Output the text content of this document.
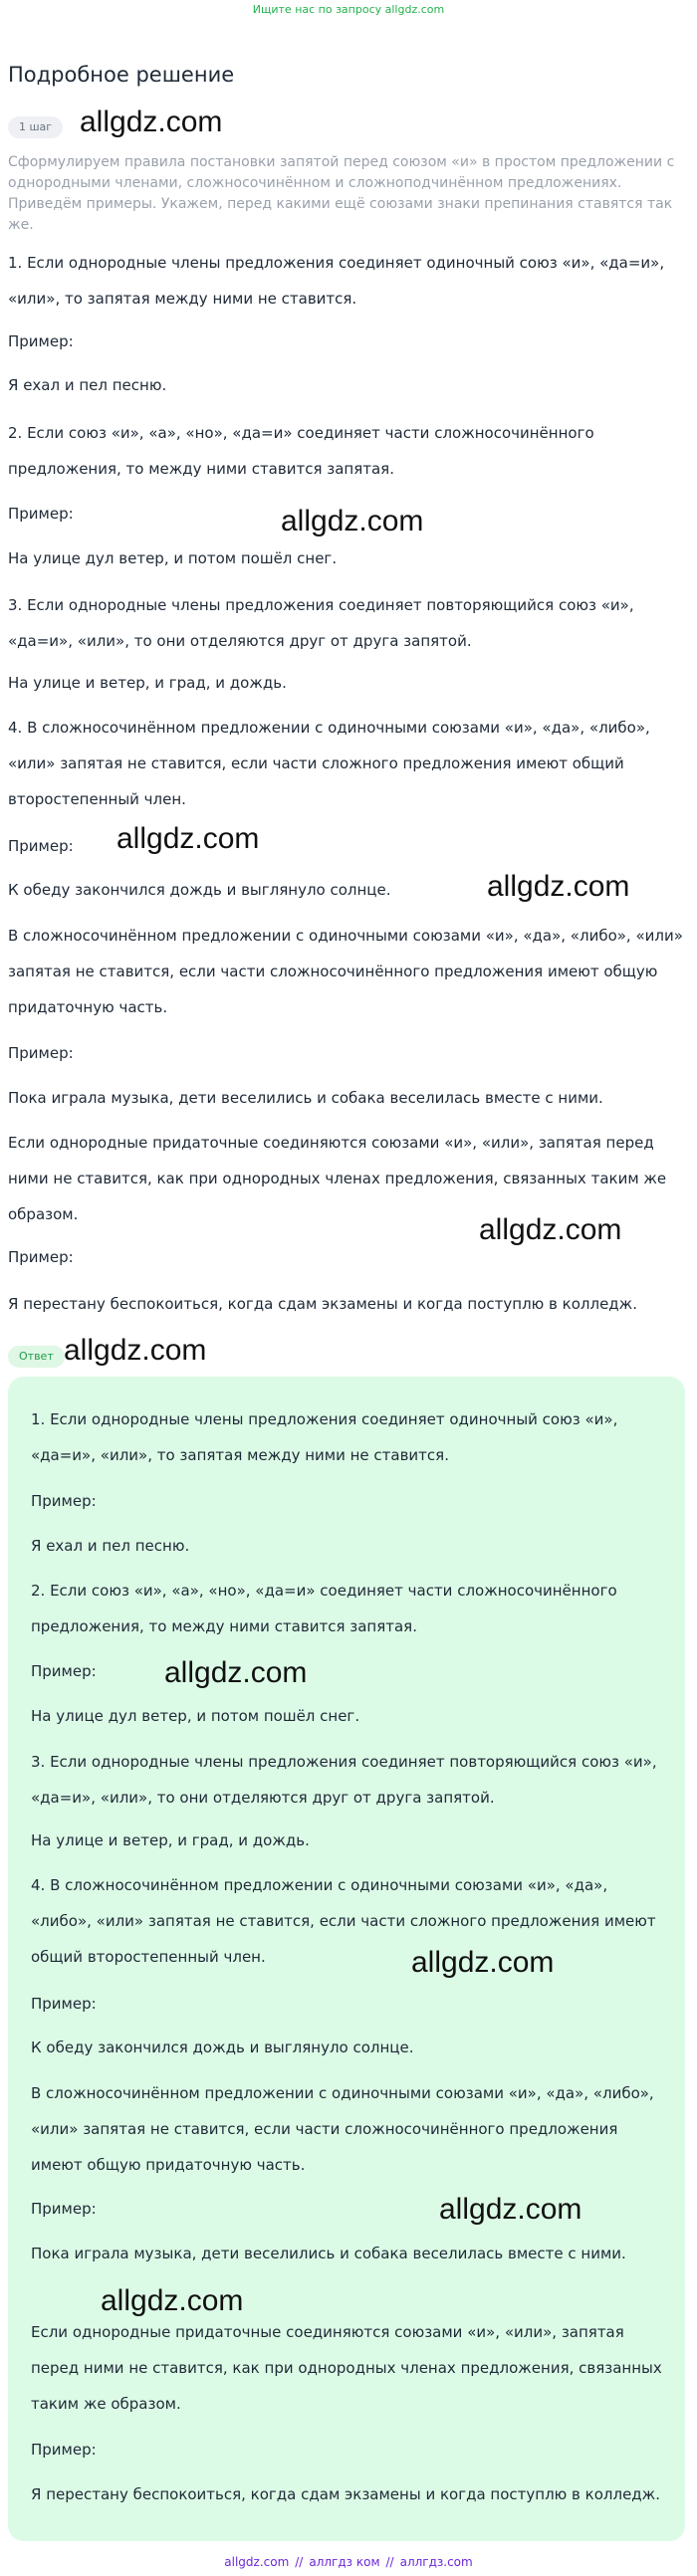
Ищите нас по запросу allgdz.com
Подробное решение
1 шаг allgdz.com
Сформулируем правила постановки запятой перед союзом «и» в простом предложении с однородными членами, сложносочинённом и сложноподчинённом предложениях. Приведём примеры. Укажем, перед какими ещё союзами знаки препинания ставятся так же.
1. Если однородные члены предложения соединяет одиночный союз «и», «да=и», «или», то запятая между ними не ставится.
Пример:
Я ехал и пел песню.
2. Если союз «и», «а», «но», «да=и» соединяет части сложносочинённого предложения, то между ними ставится запятая.
Пример:	allgdz.com
На улице дул ветер, и потом пошёл снег.
3. Если однородные члены предложения соединяет повторяющийся союз «и», «да=и», «или», то они отделяются друг от друга запятой.
На улице и ветер, и град, и дождь.
4. В сложносочинённом предложении с одиночными союзами «и», «да», «либо», «или» запятая не ставится, если части сложного предложения имеют общий второстепенный член.
Пример:	allgdz.com
К обеду закончился дождь и выглянуло солнце.	allgdz.com
В сложносочинённом предложении с одиночными союзами «и», «да», «либо», «или» запятая не ставится, если части сложносочинённого предложения имеют общую придаточную часть.
Пример:
Пока играла музыка, дети веселились и собака веселилась вместе с ними.
Если однородные придаточные соединяются союзами «и», «или», запятая перед ними не ставится, как при однородных членах предложения, связанных таким же образом.	allgdz.com
Пример:
Я перестану беспокоиться, когда сдам экзамены и когда поступлю в колледж.
Ответ allgdz.com
1. Если однородные члены предложения соединяет одиночный союз «и», «да=и», «или», то запятая между ними не ставится.
Пример:
Я ехал и пел песню.
2. Если союз «и», «а», «но», «да=и» соединяет части сложносочинённого предложения, то между ними ставится запятая.
Пример:	allgdz.com
На улице дул ветер, и потом пошёл снег.
3. Если однородные члены предложения соединяет повторяющийся союз «и», «да=и», «или», то они отделяются друг от друга запятой.
На улице и ветер, и град, и дождь.
4. В сложносочинённом предложении с одиночными союзами «и», «да», «либо», «или» запятая не ставится, если части сложного предложения имеют общий второстепенный член.	allgdz.com
Пример:
К обеду закончился дождь и выглянуло солнце.
В сложносочинённом предложении с одиночными союзами «и», «да», «либо», «или» запятая не ставится, если части сложносочинённого предложения имеют общую придаточную часть.
Пример:	allgdz.com
Пока играла музыка, дети веселились и собака веселилась вместе с ними.
allgdz.com
Если однородные придаточные соединяются союзами «и», «или», запятая перед ними не ставится, как при однородных членах предложения, связанных таким же образом.
Пример:
Я перестану беспокоиться, когда сдам экзамены и когда поступлю в колледж.
allgdz.com // аллгдз ком // аллгдз.com
